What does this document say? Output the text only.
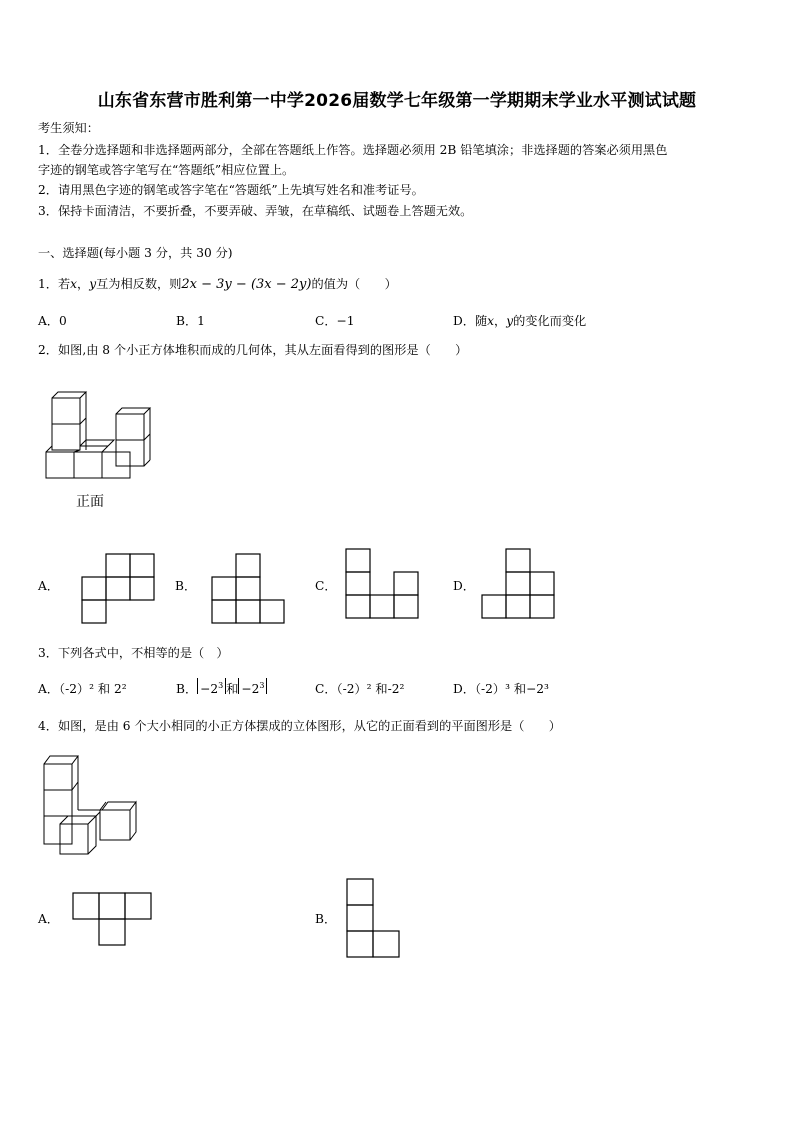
山东省东营市胜利第一中学2026届数学七年级第一学期期末学业水平测试试题
考生须知：
1．全卷分选择题和非选择题两部分，全部在答题纸上作答。选择题必须用 2B 铅笔填涂；非选择题的答案必须用黑色
字迹的钢笔或答字笔写在“答题纸”相应位置上。
2．请用黑色字迹的钢笔或答字笔在“答题纸”上先填写姓名和准考证号。
3．保持卡面清洁，不要折叠，不要弄破、弄皱，在草稿纸、试题卷上答题无效。
一、选择题(每小题 3 分，共 30 分)
1．若x，y互为相反数，则2x − 3y − (3x − 2y)的值为（　　）
A．0	B．1	C．−1	D．随x，y的变化而变化
2．如图,由 8 个小正方体堆积而成的几何体，其从左面看得到的图形是（　　）
正面
A．	B．	C．	D．
3．下列各式中，不相等的是（　）
A．（-2）² 和 2²	B． $-2^3$ 和 $-2^3$	C．（-2）² 和-2²	D．（-2）³ 和−2³
4．如图，是由 6 个大小相同的小正方体摆成的立体图形，从它的正面看到的平面图形是（　　）
A．	B．
